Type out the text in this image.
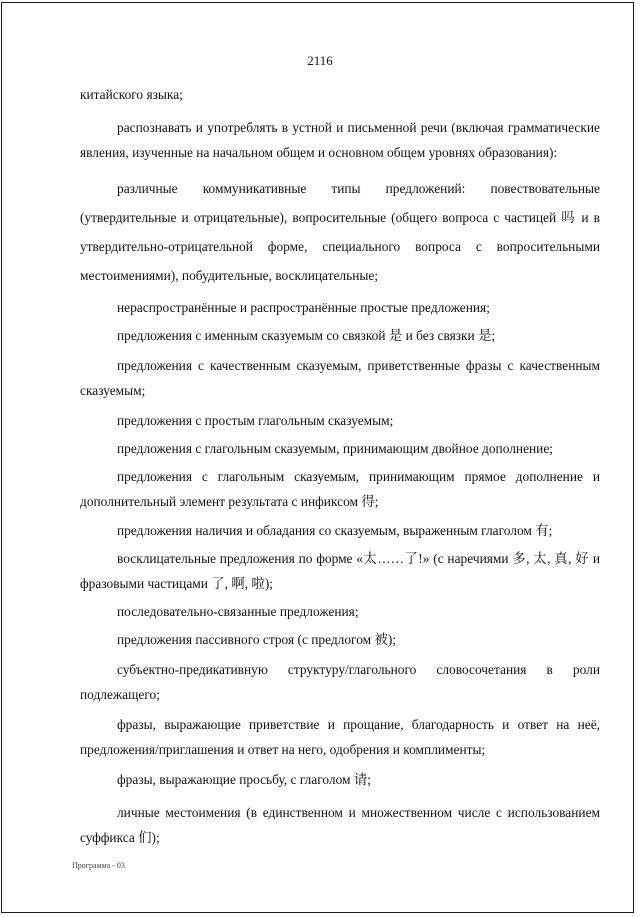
2116

китайского языка;

распознавать и употреблять в устной и письменной речи (включая грамматические явления, изученные на начальном общем и основном общем уровнях образования):

различные коммуникативные типы предложений: повествовательные (утвердительные и отрицательные), вопросительные (общего вопроса с частицей 吗 и в утвердительно-отрицательной форме, специального вопроса с вопросительными местоимениями), побудительные, восклицательные;

нераспространённые и распространённые простые предложения;

предложения с именным сказуемым со связкой 是 и без связки 是;

предложения с качественным сказуемым, приветственные фразы с качественным сказуемым;

предложения с простым глагольным сказуемым;

предложения с глагольным сказуемым, принимающим двойное дополнение;

предложения с глагольным сказуемым, принимающим прямое дополнение и дополнительный элемент результата с инфиксом 得;

предложения наличия и обладания со сказуемым, выраженным глаголом 有;

восклицательные предложения по форме «太……了!» (с наречиями 多, 太, 真, 好 и фразовыми частицами 了, 啊, 啦);

последовательно-связанные предложения;

предложения пассивного строя (с предлогом 被);

субъектно-предикативную структуру/глагольного словосочетания в роли подлежащего;

фразы, выражающие приветствие и прощание, благодарность и ответ на неё, предложения/приглашения и ответ на него, одобрения и комплименты;

фразы, выражающие просьбу, с глаголом 请;

личные местоимения (в единственном и множественном числе с использованием суффикса 们);

Программа - 03
